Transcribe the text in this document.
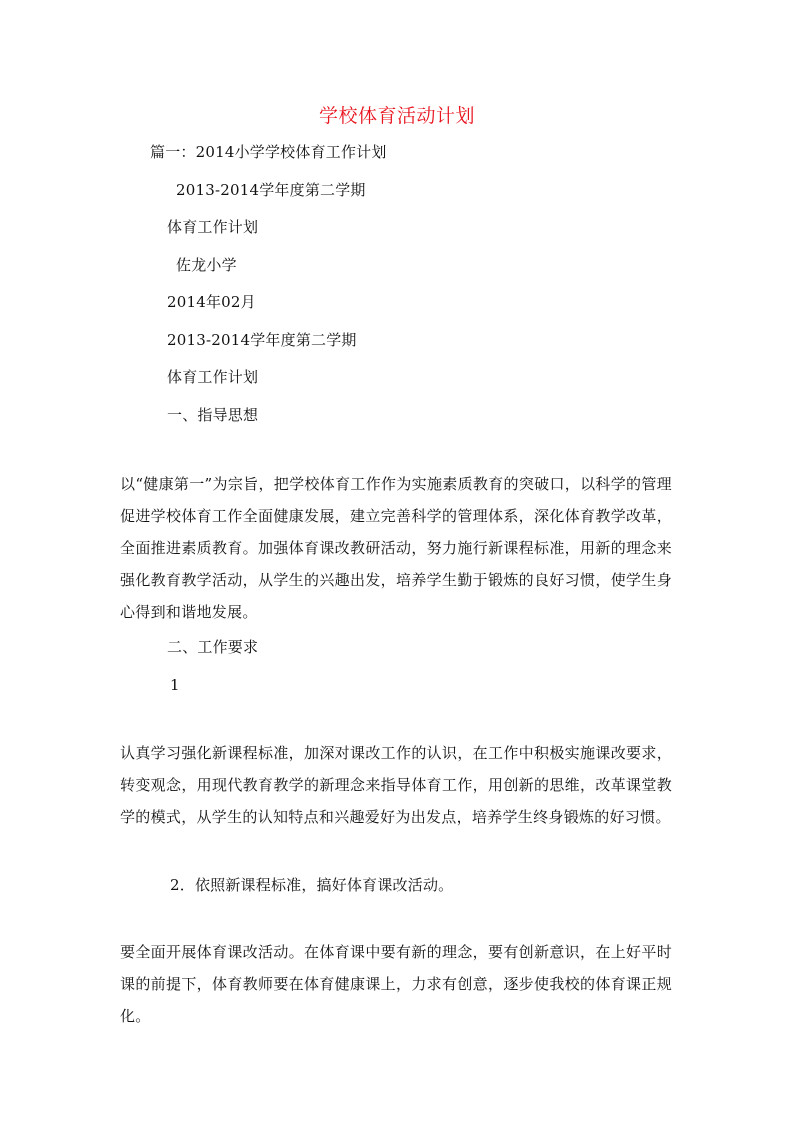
学校体育活动计划
篇一：2014小学学校体育工作计划
2013-2014学年度第二学期
体育工作计划
佐龙小学
2014年02月
2013-2014学年度第二学期
体育工作计划
一、指导思想
以“健康第一”为宗旨，把学校体育工作作为实施素质教育的突破口，以科学的管理促进学校体育工作全面健康发展，建立完善科学的管理体系，深化体育教学改革，全面推进素质教育。加强体育课改教研活动，努力施行新课程标准，用新的理念来强化教育教学活动，从学生的兴趣出发，培养学生勤于锻炼的良好习惯，使学生身心得到和谐地发展。
二、工作要求
1
认真学习强化新课程标准，加深对课改工作的认识，在工作中积极实施课改要求，转变观念，用现代教育教学的新理念来指导体育工作，用创新的思维，改革课堂教学的模式，从学生的认知特点和兴趣爱好为出发点，培养学生终身锻炼的好习惯。
2．依照新课程标准，搞好体育课改活动。
要全面开展体育课改活动。在体育课中要有新的理念，要有创新意识，在上好平时课的前提下，体育教师要在体育健康课上，力求有创意，逐步使我校的体育课正规化。
